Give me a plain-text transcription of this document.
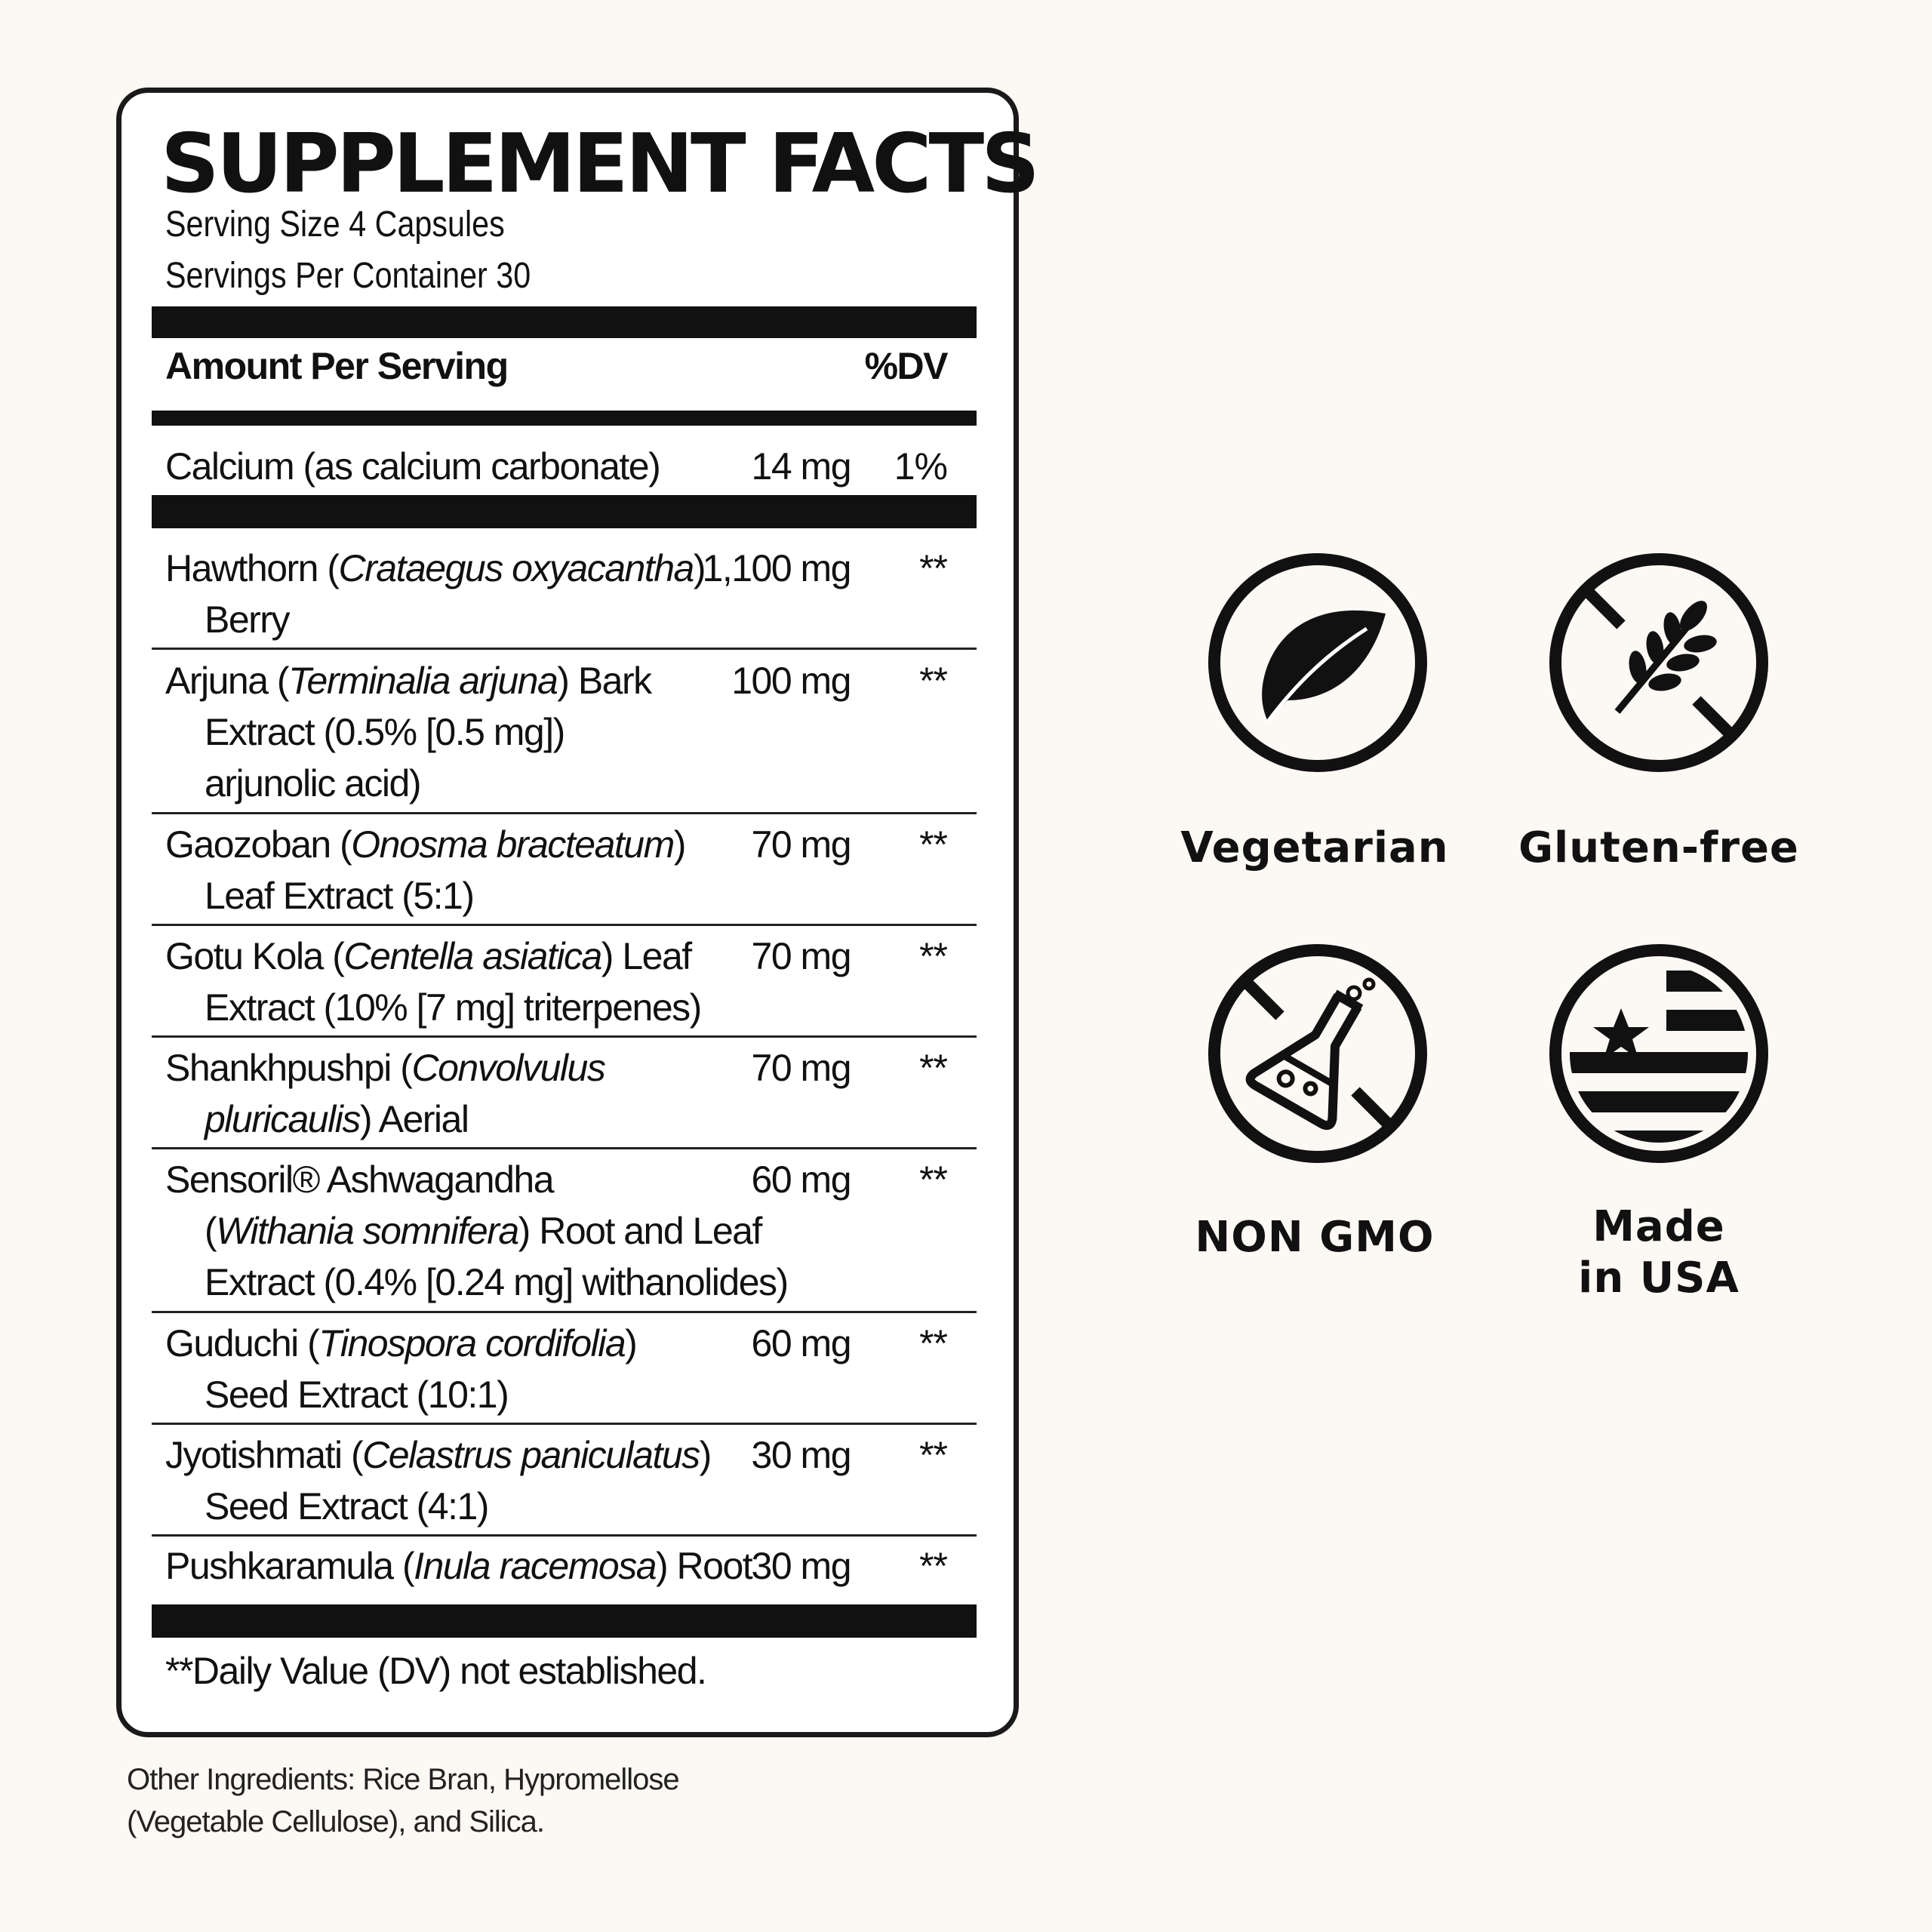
SUPPLEMENT FACTS
Serving Size 4 Capsules
Servings Per Container 30
Amount Per Serving	%DV
Calcium (as calcium carbonate) 14 mg 1%
Hawthorn (Crataegus oxyacantha)
Berry
1,100 mg **
Arjuna (Terminalia arjuna) Bark
Extract (0.5% [0.5 mg])
arjunolic acid)
100 mg **
Gaozoban (Onosma bracteatum)
Leaf Extract (5:1)
70 mg **
Gotu Kola (Centella asiatica) Leaf
Extract (10% [7 mg] triterpenes)
70 mg **
Shankhpushpi (Convolvulus
pluricaulis) Aerial
70 mg **
Sensoril® Ashwagandha
(Withania somnifera) Root and Leaf
Extract (0.4% [0.24 mg] withanolides)
60 mg **
Guduchi (Tinospora cordifolia)
Seed Extract (10:1)
60 mg **
Jyotishmati (Celastrus paniculatus)
Seed Extract (4:1)
30 mg **
Pushkaramula (Inula racemosa) Root 30 mg **
**Daily Value (DV) not established.
Other Ingredients: Rice Bran, Hypromellose (Vegetable Cellulose), and Silica.
Vegetarian	Gluten-free
NON GMO	Made
in USA
